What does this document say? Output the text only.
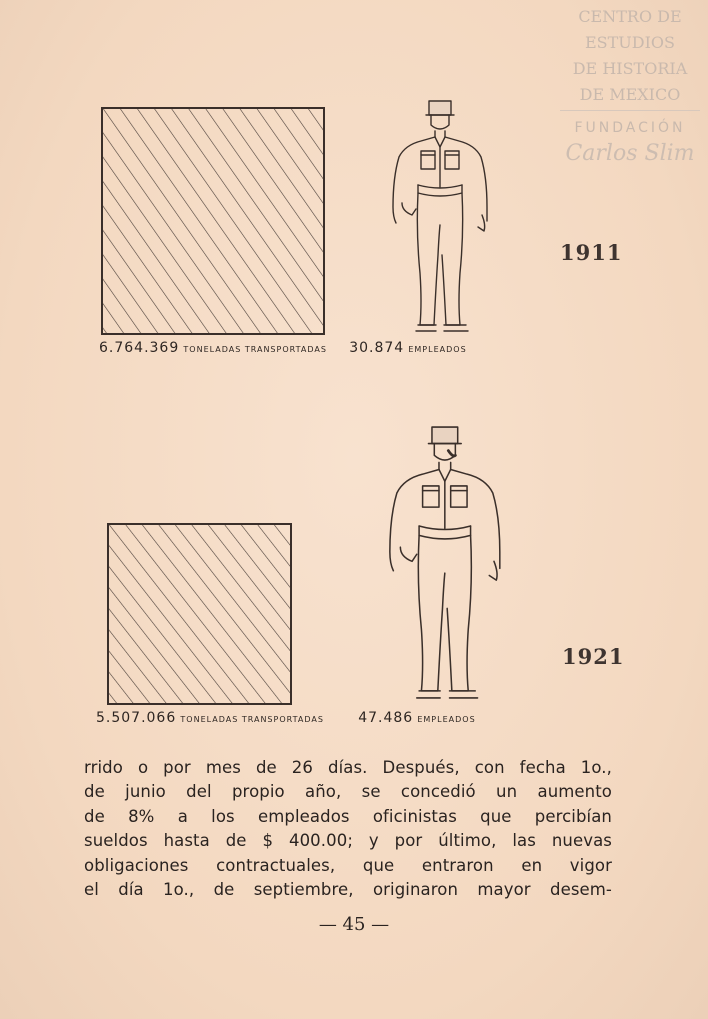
CENTRO DE
ESTUDIOS
DE HISTORIA
DE MEXICO
FUNDACIÓN
Carlos Slim
1911
6.764.369 TONELADAS TRANSPORTADAS 30.874 EMPLEADOS
1921
5.507.066 TONELADAS TRANSPORTADAS 47.486 EMPLEADOS

rrido o por mes de 26 días. Después, con fecha 1o.,

de junio del propio año, se concedió un aumento

de 8% a los empleados oficinistas que percibían

sueldos hasta de $ 400.00; y por último, las nuevas

obligaciones contractuales, que entraron en vigor

el día 1o., de septiembre, originaron mayor desem-

— 45 —
